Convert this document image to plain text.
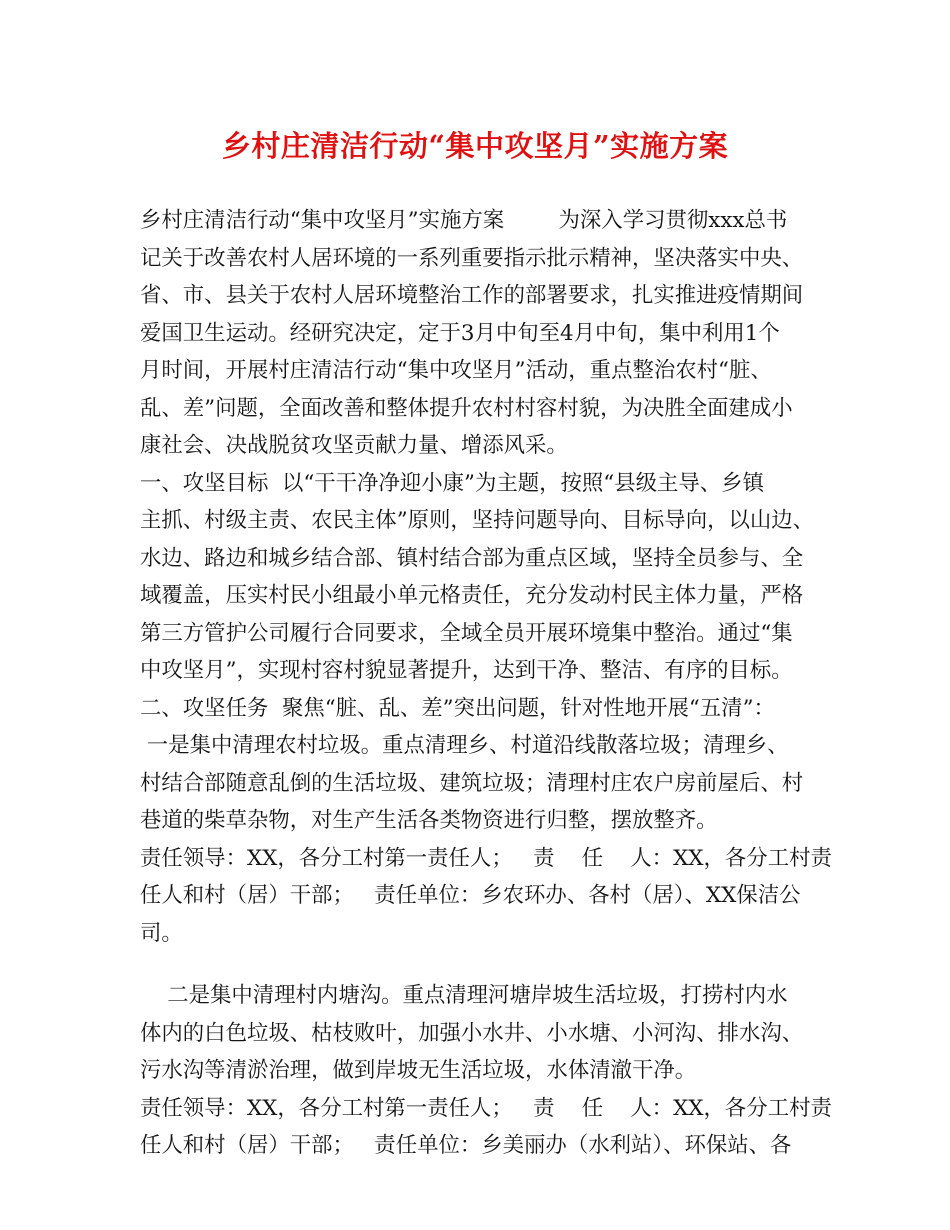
乡村庄清洁行动“集中攻坚月”实施方案
乡村庄清洁行动“集中攻坚月”实施方案        为深入学习贯彻xxx总书
记关于改善农村人居环境的一系列重要指示批示精神，坚决落实中央、
省、市、县关于农村人居环境整治工作的部署要求，扎实推进疫情期间
爱国卫生运动。经研究决定，定于3月中旬至4月中旬，集中利用1个
月时间，开展村庄清洁行动“集中攻坚月”活动，重点整治农村“脏、
乱、差”问题，全面改善和整体提升农村村容村貌，为决胜全面建成小
康社会、决战脱贫攻坚贡献力量、增添风采。
一、攻坚目标  以“干干净净迎小康”为主题，按照“县级主导、乡镇
主抓、村级主责、农民主体”原则，坚持问题导向、目标导向，以山边、
水边、路边和城乡结合部、镇村结合部为重点区域，坚持全员参与、全
域覆盖，压实村民小组最小单元格责任，充分发动村民主体力量，严格
第三方管护公司履行合同要求，全域全员开展环境集中整治。通过“集
中攻坚月”，实现村容村貌显著提升，达到干净、整洁、有序的目标。
二、攻坚任务  聚焦“脏、乱、差”突出问题，针对性地开展“五清”：
一是集中清理农村垃圾。重点清理乡、村道沿线散落垃圾；清理乡、
村结合部随意乱倒的生活垃圾、建筑垃圾；清理村庄农户房前屋后、村
巷道的柴草杂物，对生产生活各类物资进行归整，摆放整齐。
责任领导：XX，各分工村第一责任人；   责    任    人：XX，各分工村责
任人和村（居）干部；   责任单位：乡农环办、各村（居）、XX保洁公
司。
二是集中清理村内塘沟。重点清理河塘岸坡生活垃圾，打捞村内水
体内的白色垃圾、枯枝败叶，加强小水井、小水塘、小河沟、排水沟、
污水沟等清淤治理，做到岸坡无生活垃圾，水体清澈干净。
责任领导：XX，各分工村第一责任人；   责    任    人：XX，各分工村责
任人和村（居）干部；   责任单位：乡美丽办（水利站）、环保站、各
